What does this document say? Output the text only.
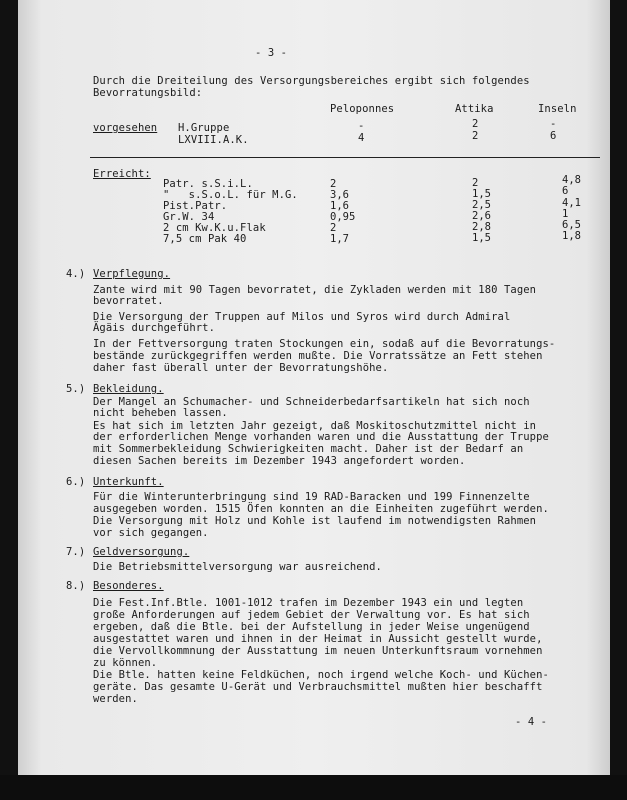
- 3 -
Durch die Dreiteilung des Versorgungsbereiches ergibt sich folgendes
Bevorratungsbild:
Peloponnes	Attika	Inseln
vorgesehen H.Gruppe	-	2	-
LXVIII.A.K.	4	2	6
Erreicht:
Patr. s.S.i.L.	2	2	4,8
"   s.S.o.L. für M.G.	3,6	1,5	6
Pist.Patr.	1,6	2,5	4,1
Gr.W. 34	0,95	2,6	1
2 cm Kw.K.u.Flak	2	2,8	6,5
7,5 cm Pak 40	1,7	1,5	1,8
4.) Verpflegung.
Zante wird mit 90 Tagen bevorratet, die Zykladen werden mit 180 Tagen
bevorratet.
Die Versorgung der Truppen auf Milos und Syros wird durch Admiral
Ägäis durchgeführt.
In der Fettversorgung traten Stockungen ein, sodaß auf die Bevorratungs-
bestände zurückgegriffen werden mußte. Die Vorratssätze an Fett stehen
daher fast überall unter der Bevorratungshöhe.
5.) Bekleidung.
Der Mangel an Schumacher- und Schneiderbedarfsartikeln hat sich noch
nicht beheben lassen.
Es hat sich im letzten Jahr gezeigt, daß Moskitoschutzmittel nicht in
der erforderlichen Menge vorhanden waren und die Ausstattung der Truppe
mit Sommerbekleidung Schwierigkeiten macht. Daher ist der Bedarf an
diesen Sachen bereits im Dezember 1943 angefordert worden.
6.) Unterkunft.
Für die Winterunterbringung sind 19 RAD-Baracken und 199 Finnenzelte
ausgegeben worden. 1515 Öfen konnten an die Einheiten zugeführt werden.
Die Versorgung mit Holz und Kohle ist laufend im notwendigsten Rahmen
vor sich gegangen.
7.) Geldversorgung.
Die Betriebsmittelversorgung war ausreichend.
8.) Besonderes.
Die Fest.Inf.Btle. 1001-1012 trafen im Dezember 1943 ein und legten
große Anforderungen auf jedem Gebiet der Verwaltung vor. Es hat sich
ergeben, daß die Btle. bei der Aufstellung in jeder Weise ungenügend
ausgestattet waren und ihnen in der Heimat in Aussicht gestellt wurde,
die Vervollkommnung der Ausstattung im neuen Unterkunftsraum vornehmen
zu können.
Die Btle. hatten keine Feldküchen, noch irgend welche Koch- und Küchen-
geräte. Das gesamte U-Gerät und Verbrauchsmittel mußten hier beschafft
werden.
- 4 -
